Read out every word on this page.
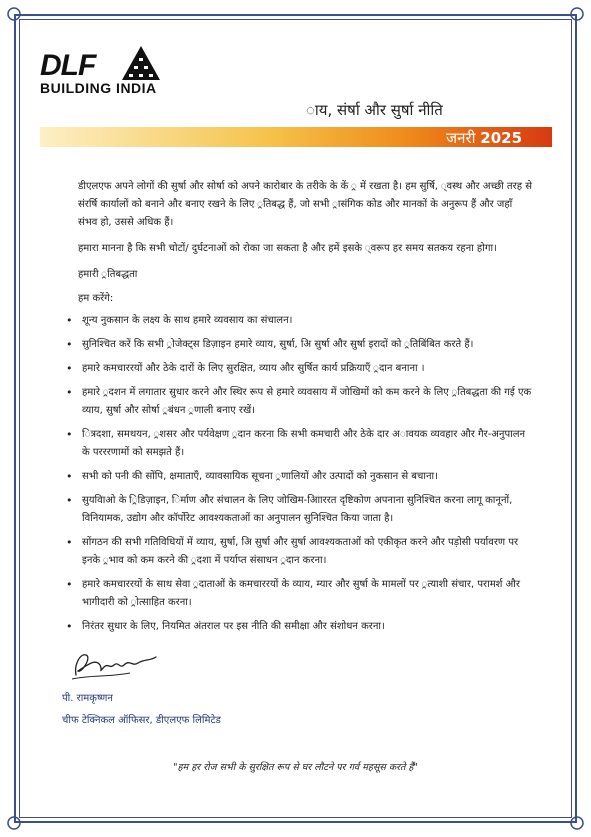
DLF
BUILDING INDIA
ाय, संर्षा और सुर्षा नीति
जनरी 2025

डीएलएफ अपने लोगों की सुर्षा और सोर्षा को अपने कारोबार के तरीके के कें ्र में रखता है। हम सुर्षि, ्वस्थ और अच्छी तरह से संरर्षि कार्यालों को बनाने और बनाए रखने के लिए ्रतिबद्ध हैं, जो सभी ्रासंगिक कोड और मानकों के अनुरूप हैं और जहाँ संभव हो, उससे अधिक हैं।

हमारा मानना है कि सभी चोटों/ दुर्घटनाओं को रोका जा सकता है और हमें इसके ्वरूप हर समय सतकय रहना होगा।

हमारी ्रतिबद्धता

हम करेंगे:

• शून्य नुकसान के लक्ष्य के साथ हमारे व्यवसाय का संचालन।
• सुनिश्चित करें कि सभी ्रोजेक्ट्स डिज़ाइन हमारे व्याय, सुर्षा, अि सुर्षा और सुर्षा इरादों को ्रतिबिंबित करते हैं।
• हमारे कमचाररयों और ठेके दारों के लिए सुरक्षित, व्याय और सुर्षित कार्य प्रक्रियाएँ ्रदान बनाना ।
• हमारे ्रदशन में लगातार सुधार करने और स्थिर रूप से हमारे व्यवसाय में जोखिमों को कम करने के लिए ्रतिबद्धता की गई एक व्याय, सुर्षा और सोर्षा ्रबंधन ्रणाली बनाए रखें।
• ित्रदशा, समथयन, ्रशसर और पर्यवेक्षण ्रदान करना कि सभी कमचारी और ठेके दार अावयक व्यवहार और गैर-अनुपालन के परररणामों को समझते हैं।
• सभी को पनी की सोंपि, क्षमाताएँ, व्यावसायिक सूचना ्रणालियों और उत्पादों को नुकसान से बचाना।
• सुयविाओ के ्रिडिज़ाइन, िर्माण और संचालन के लिए जोखिम-आिाररत दृष्टिकोण अपनाना सुनिश्चित करना लागू कानूनों, विनियामक, उद्योग और कॉर्पोरेट आवश्यकताओं का अनुपालन सुनिश्चित किया जाता है।
• सोंगठन की सभी गतिविधियों में व्याय, सुर्षा, अि सुर्षा और सुर्षा आवश्यकताओं को एकीकृत करने और पड़ोसी पर्यावरण पर इनके ्रभाव को कम करने की ्रदशा में पर्याप्त संसाधन ्रदान करना।
• हमारे कमचाररयों के साथ सेवा ्रदाताओं के कमचाररयों के व्याय, म्यार और सुर्षा के मामलों पर ्रत्याशी संचार, परामर्श और भागीदारी को ्रोत्साहित करना।
• निरंतर सुधार के लिए, नियमित अंतराल पर इस नीति की समीक्षा और संशोधन करना।
पी. रामकृष्णन
चीफ टेक्निकल ऑफिसर, डीएलएफ लिमिटेड
"हम हर रोज सभी के सुरक्षित रूप से घर लौटने पर गर्व महसूस करते हैं"
